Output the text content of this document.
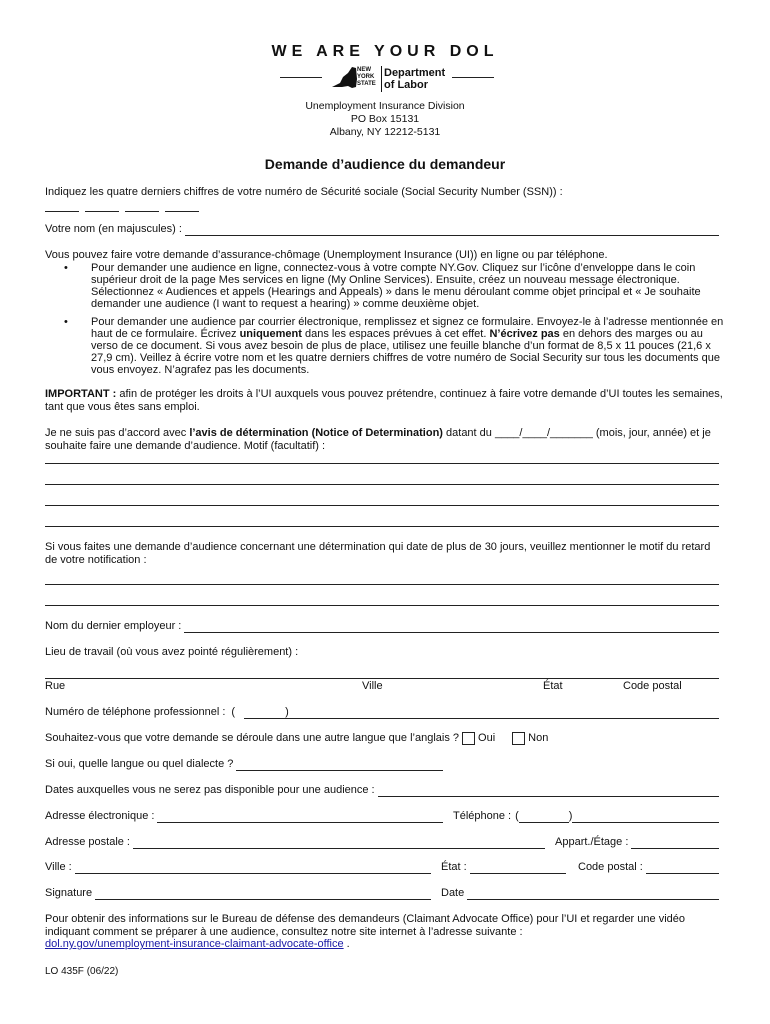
WE ARE YOUR DOL
NEW YORK STATE
Department
of Labor
Unemployment Insurance Division
PO Box 15131
Albany, NY 12212-5131
Demande d’audience du demandeur
Indiquez les quatre derniers chiffres de votre numéro de Sécurité sociale (Social Security Number (SSN)) :
Votre nom (en majuscules) :
Vous pouvez faire votre demande d’assurance-chômage (Unemployment Insurance (UI)) en ligne ou par téléphone.
• Pour demander une audience en ligne, connectez-vous à votre compte NY.Gov. Cliquez sur l’icône d’enveloppe dans le coin supérieur droit de la page Mes services en ligne (My Online Services). Ensuite, créez un nouveau message électronique. Sélectionnez « Audiences et appels (Hearings and Appeals) » dans le menu déroulant comme objet principal et « Je souhaite demander une audience (I want to request a hearing) » comme deuxième objet.
• Pour demander une audience par courrier électronique, remplissez et signez ce formulaire. Envoyez-le à l’adresse mentionnée en haut de ce formulaire. Écrivez uniquement dans les espaces prévues à cet effet. N’écrivez pas en dehors des marges ou au verso de ce document. Si vous avez besoin de plus de place, utilisez une feuille blanche d’un format de 8,5 x 11 pouces (21,6 x 27,9 cm). Veillez à écrire votre nom et les quatre derniers chiffres de votre numéro de Social Security sur tous les documents que vous envoyez. N’agrafez pas les documents.
IMPORTANT : afin de protéger les droits à l’UI auxquels vous pouvez prétendre, continuez à faire votre demande d’UI toutes les semaines, tant que vous êtes sans emploi.
Je ne suis pas d’accord avec l’avis de détermination (Notice of Determination) datant du ____/____/_______ (mois, jour, année) et je souhaite faire une demande d’audience. Motif (facultatif) :
Si vous faites une demande d’audience concernant une détermination qui date de plus de 30 jours, veuillez mentionner le motif du retard de votre notification :
Nom du dernier employeur :
Lieu de travail (où vous avez pointé régulièrement) :
Rue	Ville	État	Code postal
Numéro de téléphone professionnel : (	)
Souhaitez-vous que votre demande se déroule dans une autre langue que l’anglais ? Oui	Non
Si oui, quelle langue ou quel dialecte ?
Dates auxquelles vous ne serez pas disponible pour une audience :
Adresse électronique :	Téléphone : (	)
Adresse postale :	Appart./Étage :
Ville :	État :	Code postal :
Signature	Date
Pour obtenir des informations sur le Bureau de défense des demandeurs (Claimant Advocate Office) pour l’UI et regarder une vidéo indiquant comment se préparer à une audience, consultez notre site internet à l’adresse suivante :
dol.ny.gov/unemployment-insurance-claimant-advocate-office .
LO 435F (06/22)
